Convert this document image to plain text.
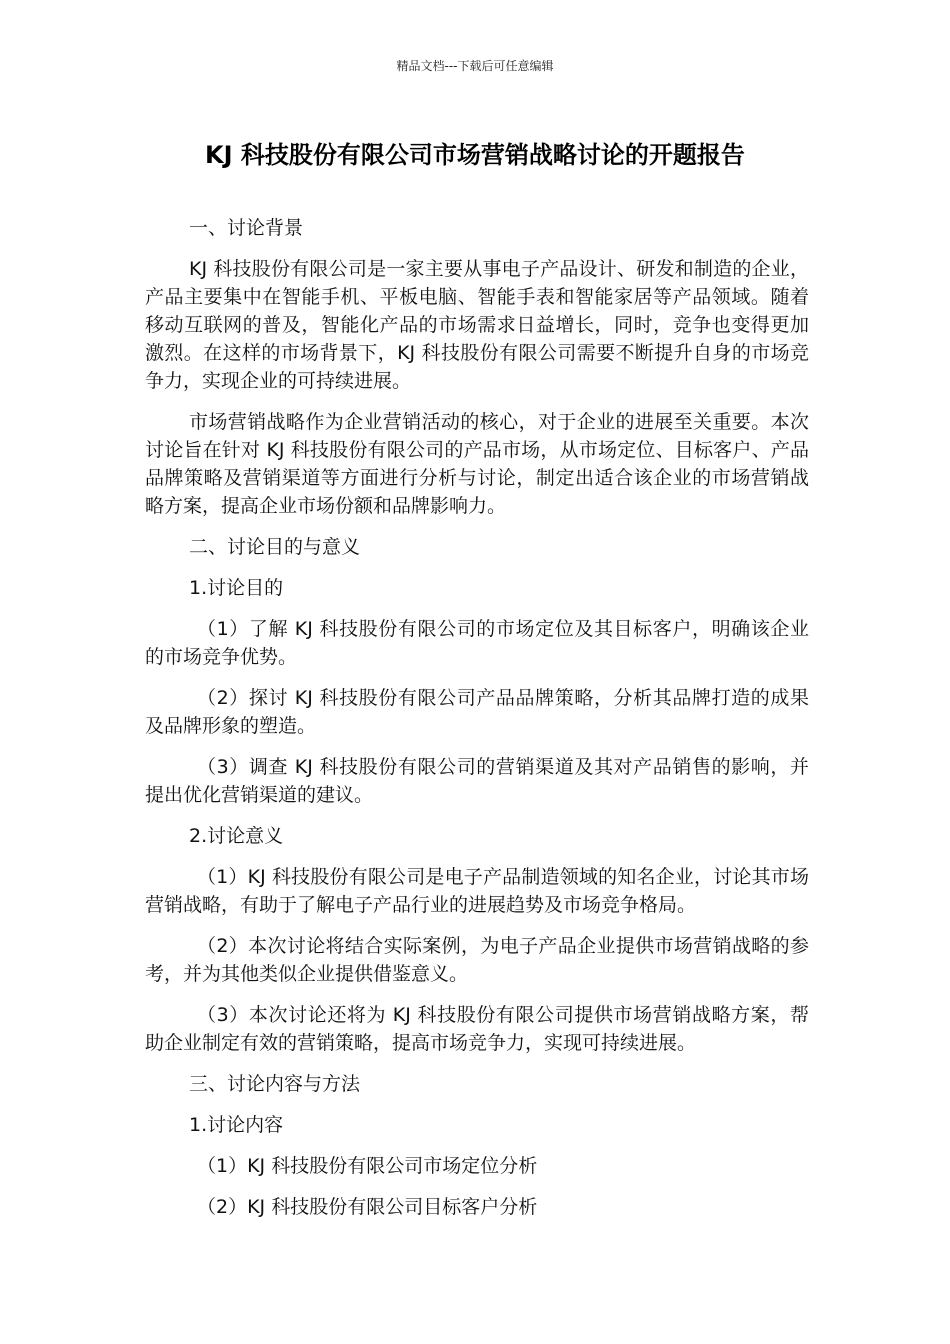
精品文档---下载后可任意编辑
KJ 科技股份有限公司市场营销战略讨论的开题报告

一、讨论背景

KJ 科技股份有限公司是一家主要从事电子产品设计、研发和制造的企业，产品主要集中在智能手机、平板电脑、智能手表和智能家居等产品领域。随着移动互联网的普及，智能化产品的市场需求日益增长，同时，竞争也变得更加激烈。在这样的市场背景下，KJ 科技股份有限公司需要不断提升自身的市场竞争力，实现企业的可持续进展。

市场营销战略作为企业营销活动的核心，对于企业的进展至关重要。本次讨论旨在针对 KJ 科技股份有限公司的产品市场，从市场定位、目标客户、产品品牌策略及营销渠道等方面进行分析与讨论，制定出适合该企业的市场营销战略方案，提高企业市场份额和品牌影响力。

二、讨论目的与意义

1.讨论目的

（1）了解 KJ 科技股份有限公司的市场定位及其目标客户，明确该企业的市场竞争优势。

（2）探讨 KJ 科技股份有限公司产品品牌策略，分析其品牌打造的成果及品牌形象的塑造。

（3）调查 KJ 科技股份有限公司的营销渠道及其对产品销售的影响，并提出优化营销渠道的建议。

2.讨论意义

（1）KJ 科技股份有限公司是电子产品制造领域的知名企业，讨论其市场营销战略，有助于了解电子产品行业的进展趋势及市场竞争格局。

（2）本次讨论将结合实际案例，为电子产品企业提供市场营销战略的参考，并为其他类似企业提供借鉴意义。

（3）本次讨论还将为 KJ 科技股份有限公司提供市场营销战略方案，帮助企业制定有效的营销策略，提高市场竞争力，实现可持续进展。

三、讨论内容与方法

1.讨论内容

（1）KJ 科技股份有限公司市场定位分析

（2）KJ 科技股份有限公司目标客户分析
